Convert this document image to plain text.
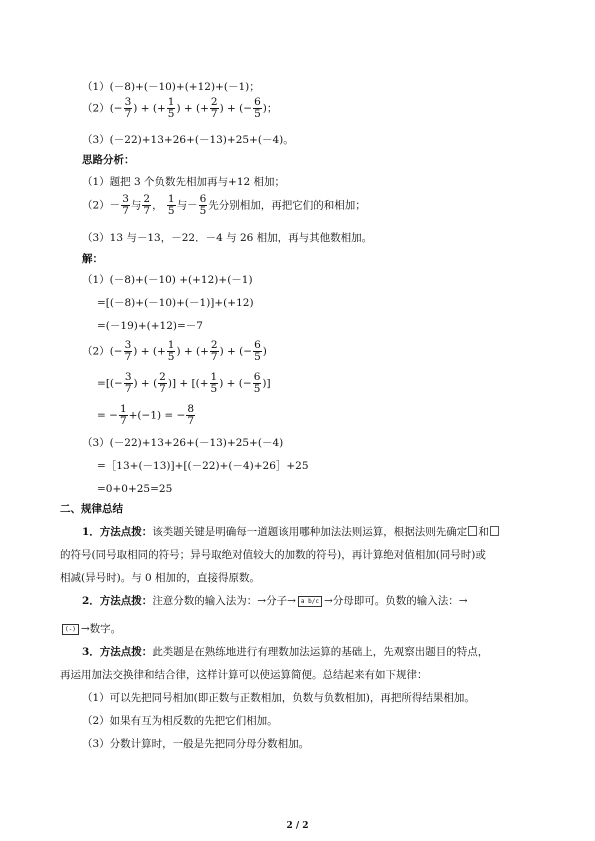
（1）(－8)+(－10)+(+12)+(－1)；
$(2)(- \frac{3}{7}$ ) + (+ $\frac{1}{5}$ ) + (+ $\frac{2}{7}$ ) + (− $\frac{6}{5}$ )；
（3）(－22)+13+26+(－13)+25+(－4)。
思路分析：
（1）题把 3 个负数先相加再与+12 相加；
$(2)- \frac{3}{7}$ 与 $\frac{2}{7}$ ， $\frac{1}{5}$ 与－ $\frac{6}{5}$ 先分别相加，再把它们的和相加；
（3）13 与－13，－22．－4 与 26 相加，再与其他数相加。
解：
（1）(－8)+(－10) +(+12)+(－1)
=[(－8)+(－10)+(－1)]+(+12)
=(－19)+(+12)=－7
$(2)(- \frac{3}{7}$ ) + (+ $\frac{1}{5}$ ) + (+ $\frac{2}{7}$ ) + (− $\frac{6}{5}$ )
=[(− $\frac{3}{7}$ ) + ( $\frac{2}{7}$ )] + [(+ $\frac{1}{5}$ ) + (− $\frac{6}{5}$ )]
= − $\frac{1}{7} +(-1)$ = − $\frac{8}{7}$
（3）(－22)+13+26+(－13)+25+(－4)
=［13+(－13)]+[(－22)+(－4)+26］+25
=0+0+25=25
二、规律总结
1．方法点拨：该类题关键是明确每一道题该用哪种加法法则运算，根据法则先确定 和
的符号(同号取相同的符号；异号取绝对值较大的加数的符号)，再计算绝对值相加(同号时)或
相减(异号时)。与 0 相加的，直接得原数。
2．方法点拨：注意分数的输入法为：→分子→ a b/c →分母即可。负数的输入法：→
(-) →数字。
3．方法点拨：此类题是在熟练地进行有理数加法运算的基础上，先观察出题目的特点，
再运用加法交换律和结合律，这样计算可以使运算简便。总结起来有如下规律：
（1）可以先把同号相加(即正数与正数相加，负数与负数相加)，再把所得结果相加。
（2）如果有互为相反数的先把它们相加。
（3）分数计算时，一般是先把同分母分数相加。
2 / 2
